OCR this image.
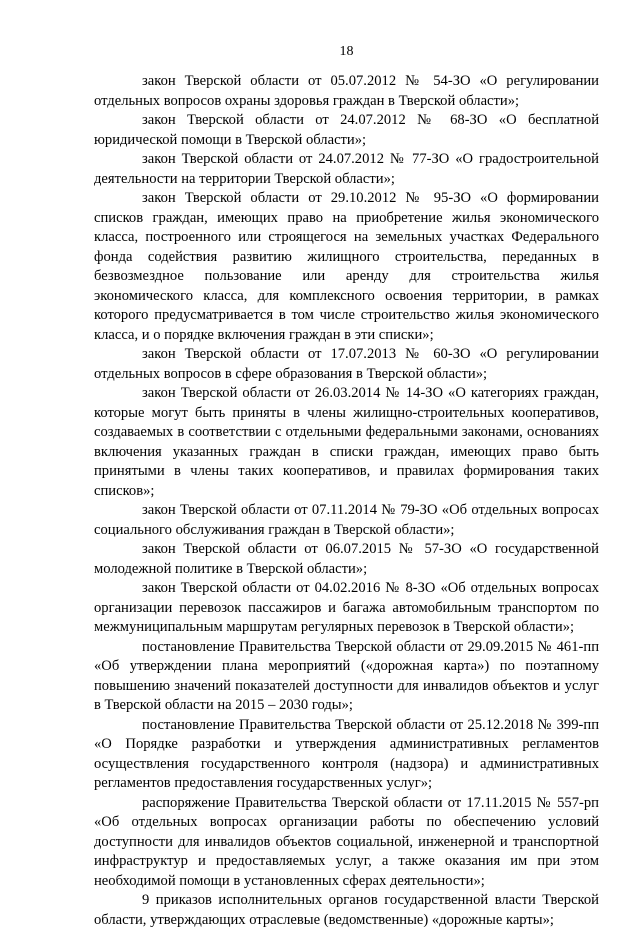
18

закон Тверской области от 05.07.2012 № 54-ЗО «О регулировании отдельных вопросов охраны здоровья граждан в Тверской области»;

закон Тверской области от 24.07.2012 № 68-ЗО «О бесплатной юридической помощи в Тверской области»;

закон Тверской области от 24.07.2012 № 77-ЗО «О градостроительной деятельности на территории Тверской области»;

закон Тверской области от 29.10.2012 № 95-ЗО «О формировании списков граждан, имеющих право на приобретение жилья экономического класса, построенного или строящегося на земельных участках Федерального фонда содействия развитию жилищного строительства, переданных в безвозмездное пользование или аренду для строительства жилья экономического класса, для комплексного освоения территории, в рамках которого предусматривается в том числе строительство жилья экономического класса, и о порядке включения граждан в эти списки»;

закон Тверской области от 17.07.2013 № 60-ЗО «О регулировании отдельных вопросов в сфере образования в Тверской области»;

закон Тверской области от 26.03.2014 № 14-ЗО «О категориях граждан, которые могут быть приняты в члены жилищно-строительных кооперативов, создаваемых в соответствии с отдельными федеральными законами, основаниях включения указанных граждан в списки граждан, имеющих право быть принятыми в члены таких кооперативов, и правилах формирования таких списков»;

закон Тверской области от 07.11.2014 № 79-ЗО «Об отдельных вопросах социального обслуживания граждан в Тверской области»;

закон Тверской области от 06.07.2015 № 57-ЗО «О государственной молодежной политике в Тверской области»;

закон Тверской области от 04.02.2016 № 8-ЗО «Об отдельных вопросах организации перевозок пассажиров и багажа автомобильным транспортом по межмуниципальным маршрутам регулярных перевозок в Тверской области»;

постановление Правительства Тверской области от 29.09.2015 № 461-пп «Об утверждении плана мероприятий («дорожная карта») по поэтапному повышению значений показателей доступности для инвалидов объектов и услуг в Тверской области на 2015 – 2030 годы»;

постановление Правительства Тверской области от 25.12.2018 № 399-пп «О Порядке разработки и утверждения административных регламентов осуществления государственного контроля (надзора) и административных регламентов предоставления государственных услуг»;

распоряжение Правительства Тверской области от 17.11.2015 № 557-рп «Об отдельных вопросах организации работы по обеспечению условий доступности для инвалидов объектов социальной, инженерной и транспортной инфраструктур и предоставляемых услуг, а также оказания им при этом необходимой помощи в установленных сферах деятельности»;

9 приказов исполнительных органов государственной власти Тверской области, утверждающих отраслевые (ведомственные) «дорожные карты»;
